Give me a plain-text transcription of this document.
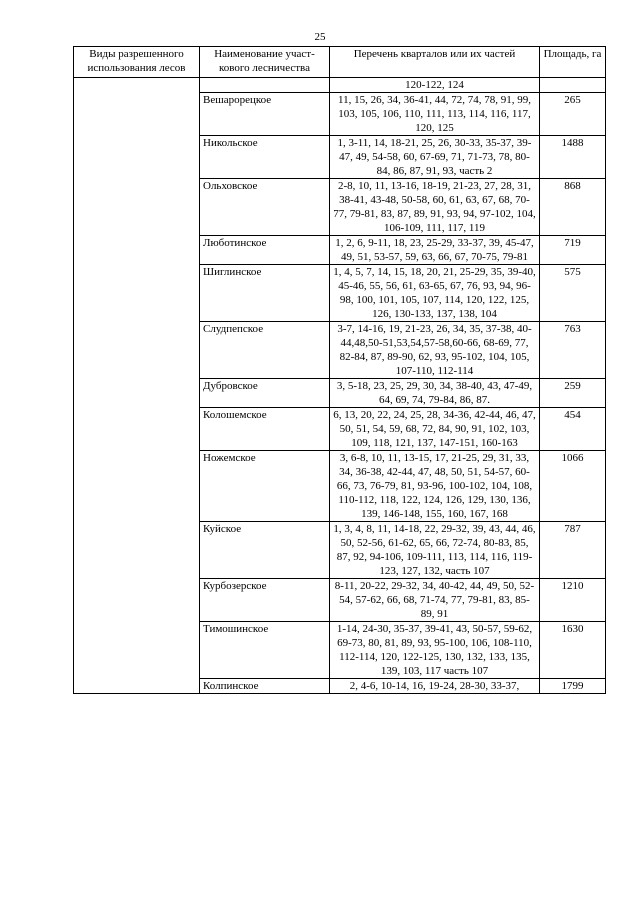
25
Виды разрешенного использования лесов	Наименование участ-кового лесничества	Перечень кварталов или их частей	Площадь, га
		120-122, 124	
	Вешарорецкое	11, 15, 26, 34, 36-41, 44, 72, 74, 78, 91, 99, 103, 105, 106, 110, 111, 113, 114, 116, 117, 120, 125	265
	Никольское	1, 3-11, 14, 18-21, 25, 26, 30-33, 35-37, 39-47, 49, 54-58, 60, 67-69, 71, 71-73, 78, 80-84, 86, 87, 91, 93, часть 2	1488
	Ольховское	2-8, 10, 11, 13-16, 18-19, 21-23, 27, 28, 31, 38-41, 43-48, 50-58, 60, 61, 63, 67, 68, 70-77, 79-81, 83, 87, 89, 91, 93, 94, 97-102, 104, 106-109, 111, 117, 119	868
	Люботинское	1, 2, 6, 9-11, 18, 23, 25-29, 33-37, 39, 45-47, 49, 51, 53-57, 59, 63, 66, 67, 70-75, 79-81	719
	Шиглинское	1, 4, 5, 7, 14, 15, 18, 20, 21, 25-29, 35, 39-40, 45-46, 55, 56, 61, 63-65, 67, 76, 93, 94, 96-98, 100, 101, 105, 107, 114, 120, 122, 125, 126, 130-133, 137, 138, 104	575
	Слудпепское	3-7, 14-16, 19, 21-23, 26, 34, 35, 37-38, 40-44,48,50-51,53,54,57-58,60-66, 68-69, 77, 82-84, 87, 89-90, 62, 93, 95-102, 104, 105, 107-110, 112-114	763
	Дубровское	3, 5-18, 23, 25, 29, 30, 34, 38-40, 43, 47-49, 64, 69, 74, 79-84, 86, 87.	259
	Колошемское	6, 13, 20, 22, 24, 25, 28, 34-36, 42-44, 46, 47, 50, 51, 54, 59, 68, 72, 84, 90, 91, 102, 103, 109, 118, 121, 137, 147-151, 160-163	454
	Ножемское	3, 6-8, 10, 11, 13-15, 17, 21-25, 29, 31, 33, 34, 36-38, 42-44, 47, 48, 50, 51, 54-57, 60-66, 73, 76-79, 81, 93-96, 100-102, 104, 108, 110-112, 118, 122, 124, 126, 129, 130, 136, 139, 146-148, 155, 160, 167, 168	1066
	Куйское	1, 3, 4, 8, 11, 14-18, 22, 29-32, 39, 43, 44, 46, 50, 52-56, 61-62, 65, 66, 72-74, 80-83, 85, 87, 92, 94-106, 109-111, 113, 114, 116, 119-123, 127, 132, часть 107	787
	Курбозерское	8-11, 20-22, 29-32, 34, 40-42, 44, 49, 50, 52-54, 57-62, 66, 68, 71-74, 77, 79-81, 83, 85-89, 91	1210
	Тимошинское	1-14, 24-30, 35-37, 39-41, 43, 50-57, 59-62, 69-73, 80, 81, 89, 93, 95-100, 106, 108-110, 112-114, 120, 122-125, 130, 132, 133, 135, 139, 103, 117 часть 107	1630
	Колпинское	2, 4-6, 10-14, 16, 19-24, 28-30, 33-37,	1799
